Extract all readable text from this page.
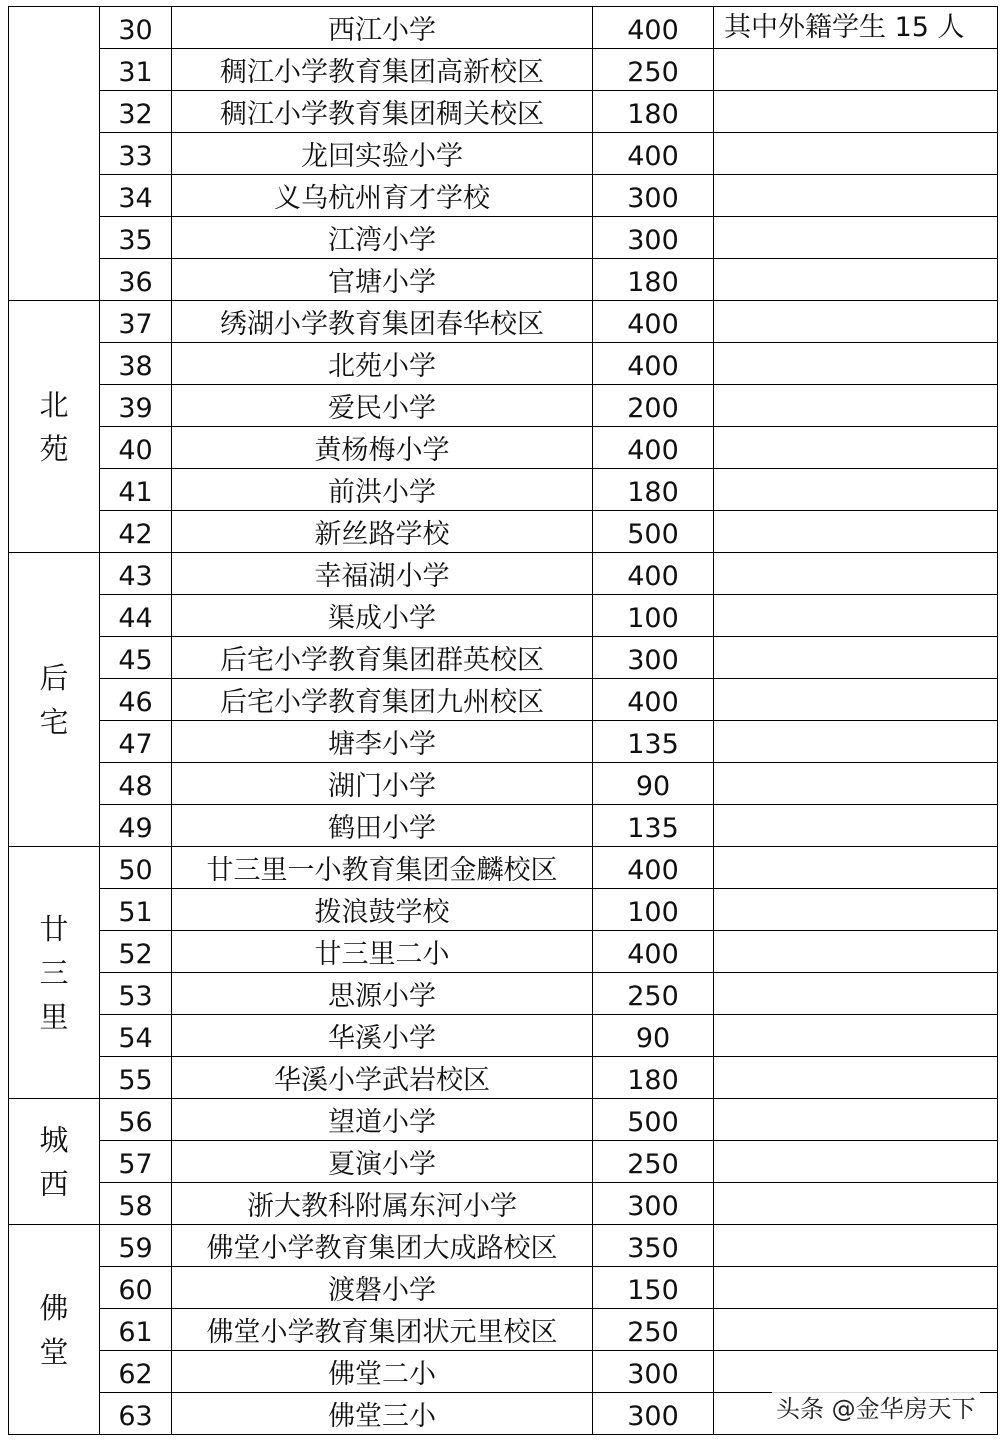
	30	西江小学	400	其中外籍学生 15 人
	31	稠江小学教育集团高新校区	250	
	32	稠江小学教育集团稠关校区	180	
	33	龙回实验小学	400	
	34	义乌杭州育才学校	300	
	35	江湾小学	300	
	36	官塘小学	180	
北苑	37	绣湖小学教育集团春华校区	400	
	38	北苑小学	400	
	39	爱民小学	200	
	40	黄杨梅小学	400	
	41	前洪小学	180	
	42	新丝路学校	500	
后宅	43	幸福湖小学	400	
	44	渠成小学	100	
	45	后宅小学教育集团群英校区	300	
	46	后宅小学教育集团九州校区	400	
	47	塘李小学	135	
	48	湖门小学	90	
	49	鹤田小学	135	
廿三里	50	廿三里一小教育集团金麟校区	400	
	51	拨浪鼓学校	100	
	52	廿三里二小	400	
	53	思源小学	250	
	54	华溪小学	90	
	55	华溪小学武岩校区	180	
城西	56	望道小学	500	
	57	夏演小学	250	
	58	浙大教科附属东河小学	300	
佛堂	59	佛堂小学教育集团大成路校区	350	
	60	渡磐小学	150	
	61	佛堂小学教育集团状元里校区	250	
	62	佛堂二小	300	
	63	佛堂三小	300		头条 @金华房天下
